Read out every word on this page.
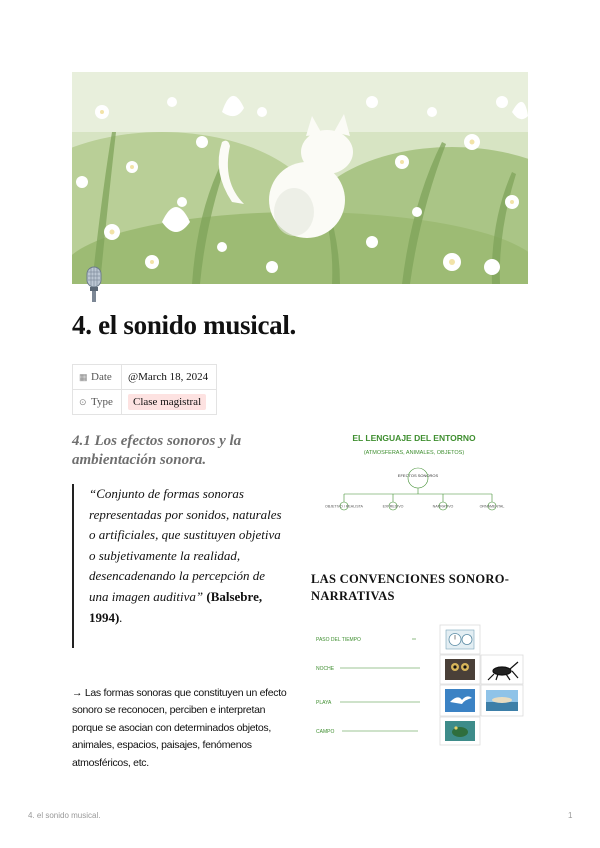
4. el sonido musical.
▦ Date	@March 18, 2024
⊙ Type	Clase magistral
4.1 Los efectos sonoros y la ambientación sonora.
“Conjunto de formas sonoras representadas por sonidos, naturales o artificiales, que sustituyen objetiva o subjetivamente la realidad, desencadenando la percepción de una imagen auditiva” (Balsebre, 1994).

→ Las formas sonoras que constituyen un efecto sonoro se reconocen, perciben e interpretan porque se asocian con determinados objetos, animales, espacios, paisajes, fenómenos atmosféricos, etc.

EL LENGUAJE DEL ENTORNO
(ATMOSFERAS, ANIMALES, OBJETOS)
EFECTOS SONOROS
OBJETIVO / REALISTA	EXPRESIVO	NARRATIVO	ORNAMENTAL
LAS CONVENCIONES SONORO-NARRATIVAS
PASO DEL TIEMPO
NOCHE
PLAYA
CAMPO
4. el sonido musical.	1
